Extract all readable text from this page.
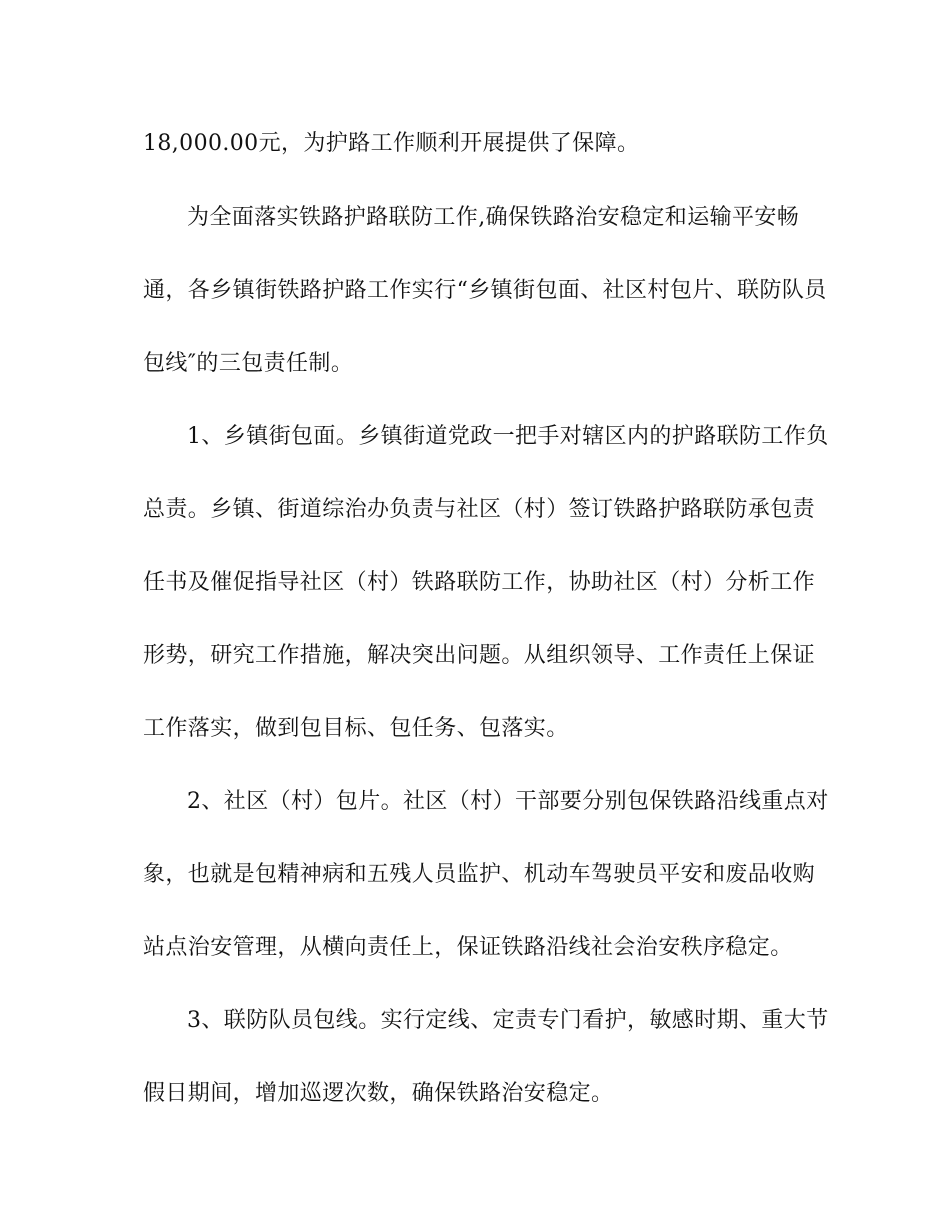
18,000.00元，为护路工作顺利开展提供了保障。
为全面落实铁路护路联防工作,确保铁路治安稳定和运输平安畅
通，各乡镇街铁路护路工作实行“乡镇街包面、社区村包片、联防队员
包线″的三包责任制。
1、乡镇街包面。乡镇街道党政一把手对辖区内的护路联防工作负
总责。乡镇、街道综治办负责与社区（村）签订铁路护路联防承包责
任书及催促指导社区（村）铁路联防工作，协助社区（村）分析工作
形势，研究工作措施，解决突出问题。从组织领导、工作责任上保证
工作落实，做到包目标、包任务、包落实。
2、社区（村）包片。社区（村）干部要分别包保铁路沿线重点对
象，也就是包精神病和五残人员监护、机动车驾驶员平安和废品收购
站点治安管理，从横向责任上，保证铁路沿线社会治安秩序稳定。
3、联防队员包线。实行定线、定责专门看护，敏感时期、重大节
假日期间，增加巡逻次数，确保铁路治安稳定。
